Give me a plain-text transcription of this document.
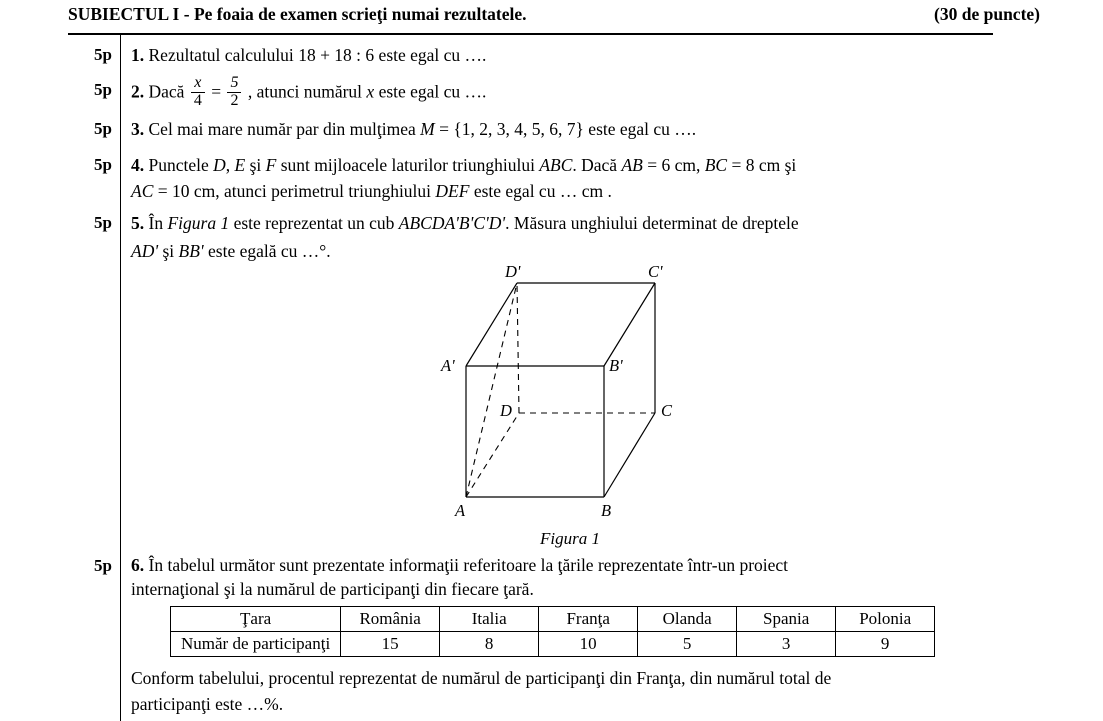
SUBIECTUL I - Pe foaia de examen scrieţi numai rezultatele.	(30 de puncte)
5p
5p
5p
5p
5p
5p
1. Rezultatul calculului 18 + 18 : 6 este egal cu ….
2. Dacă $\frac{x}{4} = \frac{5}{2}$ , atunci numărul x este egal cu ….
3. Cel mai mare număr par din mulţimea M = {1, 2, 3, 4, 5, 6, 7} este egal cu ….
4. Punctele D, E şi F sunt mijloacele laturilor triunghiului ABC. Dacă AB = 6 cm, BC = 8 cm şi
AC = 10 cm, atunci perimetrul triunghiului DEF este egal cu … cm .
5. În Figura 1 este reprezentat un cub ABCDA'B'C'D'. Măsura unghiului determinat de dreptele
AD' şi BB' este egală cu …°.
D'	C'
A'	B'
D	C
A	B
Figura 1
6. În tabelul următor sunt prezentate informaţii referitoare la ţările reprezentate într-un proiect
internaţional şi la numărul de participanţi din fiecare ţară.
Ţara	România	Italia	Franţa	Olanda	Spania	Polonia
Număr de participanţi	15	8	10	5	3	9
Conform tabelului, procentul reprezentat de numărul de participanţi din Franţa, din numărul total de
participanţi este …%.
